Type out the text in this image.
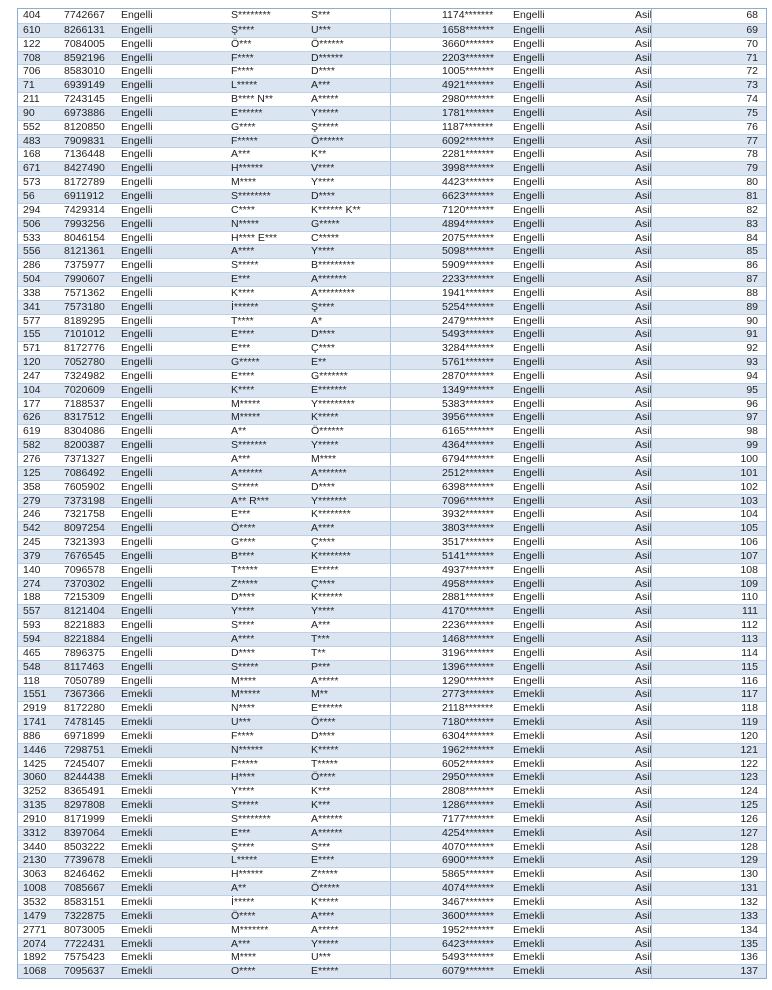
404	7742667	Engelli	S********	S***	1174*******	Engelli	Asil	68
610	8266131	Engelli	Ş****	U***	1658*******	Engelli	Asil	69
122	7084005	Engelli	Ö***	Ö******	3660*******	Engelli	Asil	70
708	8592196	Engelli	F****	D******	2203*******	Engelli	Asil	71
706	8583010	Engelli	F****	D****	1005*******	Engelli	Asil	72
71	6939149	Engelli	L*****	A***	4921*******	Engelli	Asil	73
211	7243145	Engelli	B**** N**	A*****	2980*******	Engelli	Asil	74
90	6973886	Engelli	E******	Y*****	1781*******	Engelli	Asil	75
552	8120850	Engelli	G****	Ş*****	1187*******	Engelli	Asil	76
483	7909831	Engelli	F*****	Ö******	6092*******	Engelli	Asil	77
168	7136448	Engelli	A***	K**	2281*******	Engelli	Asil	78
671	8427490	Engelli	H******	V****	3998*******	Engelli	Asil	79
573	8172789	Engelli	M****	Y****	4423*******	Engelli	Asil	80
56	6911912	Engelli	S********	D****	6623*******	Engelli	Asil	81
294	7429314	Engelli	C****	K****** K**	7120*******	Engelli	Asil	82
506	7993256	Engelli	N*****	G*****	4894*******	Engelli	Asil	83
533	8046154	Engelli	H**** E***	C*****	2075*******	Engelli	Asil	84
556	8121361	Engelli	A****	Y****	5098*******	Engelli	Asil	85
286	7375977	Engelli	S*****	B*********	5909*******	Engelli	Asil	86
504	7990607	Engelli	E***	A*******	2233*******	Engelli	Asil	87
338	7571362	Engelli	K****	A*********	1941*******	Engelli	Asil	88
341	7573180	Engelli	İ******	Ş****	5254*******	Engelli	Asil	89
577	8189295	Engelli	T****	A*	2479*******	Engelli	Asil	90
155	7101012	Engelli	E****	D****	5493*******	Engelli	Asil	91
571	8172776	Engelli	E***	Ç****	3284*******	Engelli	Asil	92
120	7052780	Engelli	G*****	E**	5761*******	Engelli	Asil	93
247	7324982	Engelli	E****	G*******	2870*******	Engelli	Asil	94
104	7020609	Engelli	K****	E*******	1349*******	Engelli	Asil	95
177	7188537	Engelli	M*****	Y*********	5383*******	Engelli	Asil	96
626	8317512	Engelli	M*****	K*****	3956*******	Engelli	Asil	97
619	8304086	Engelli	A**	Ö******	6165*******	Engelli	Asil	98
582	8200387	Engelli	S*******	Y*****	4364*******	Engelli	Asil	99
276	7371327	Engelli	A***	M****	6794*******	Engelli	Asil	100
125	7086492	Engelli	A******	A*******	2512*******	Engelli	Asil	101
358	7605902	Engelli	S*****	D****	6398*******	Engelli	Asil	102
279	7373198	Engelli	A** R***	Y*******	7096*******	Engelli	Asil	103
246	7321758	Engelli	E***	K********	3932*******	Engelli	Asil	104
542	8097254	Engelli	Ö****	A****	3803*******	Engelli	Asil	105
245	7321393	Engelli	G****	Ç****	3517*******	Engelli	Asil	106
379	7676545	Engelli	B****	K********	5141*******	Engelli	Asil	107
140	7096578	Engelli	T*****	E*****	4937*******	Engelli	Asil	108
274	7370302	Engelli	Z*****	Ç****	4958*******	Engelli	Asil	109
188	7215309	Engelli	D****	K******	2881*******	Engelli	Asil	110
557	8121404	Engelli	Y****	Y****	4170*******	Engelli	Asil	111
593	8221883	Engelli	S****	A***	2236*******	Engelli	Asil	112
594	8221884	Engelli	A****	T***	1468*******	Engelli	Asil	113
465	7896375	Engelli	D****	T**	3196*******	Engelli	Asil	114
548	8117463	Engelli	S*****	P***	1396*******	Engelli	Asil	115
118	7050789	Engelli	M****	A*****	1290*******	Engelli	Asil	116
1551	7367366	Emekli	M*****	M**	2773*******	Emekli	Asil	117
2919	8172280	Emekli	N****	E******	2118*******	Emekli	Asil	118
1741	7478145	Emekli	U***	Ö****	7180*******	Emekli	Asil	119
886	6971899	Emekli	F****	D****	6304*******	Emekli	Asil	120
1446	7298751	Emekli	N******	K*****	1962*******	Emekli	Asil	121
1425	7245407	Emekli	F*****	T*****	6052*******	Emekli	Asil	122
3060	8244438	Emekli	H****	Ö****	2950*******	Emekli	Asil	123
3252	8365491	Emekli	Y****	K***	2808*******	Emekli	Asil	124
3135	8297808	Emekli	S*****	K***	1286*******	Emekli	Asil	125
2910	8171999	Emekli	S********	A******	7177*******	Emekli	Asil	126
3312	8397064	Emekli	E***	A******	4254*******	Emekli	Asil	127
3440	8503222	Emekli	Ş****	S***	4070*******	Emekli	Asil	128
2130	7739678	Emekli	L*****	E****	6900*******	Emekli	Asil	129
3063	8246462	Emekli	H******	Z*****	5865*******	Emekli	Asil	130
1008	7085667	Emekli	A**	Ö*****	4074*******	Emekli	Asil	131
3532	8583151	Emekli	İ*****	K*****	3467*******	Emekli	Asil	132
1479	7322875	Emekli	Ö****	A****	3600*******	Emekli	Asil	133
2771	8073005	Emekli	M*******	A*****	1952*******	Emekli	Asil	134
2074	7722431	Emekli	A***	Y*****	6423*******	Emekli	Asil	135
1892	7575423	Emekli	M****	U***	5493*******	Emekli	Asil	136
1068	7095637	Emekli	O****	E*****	6079*******	Emekli	Asil	137
